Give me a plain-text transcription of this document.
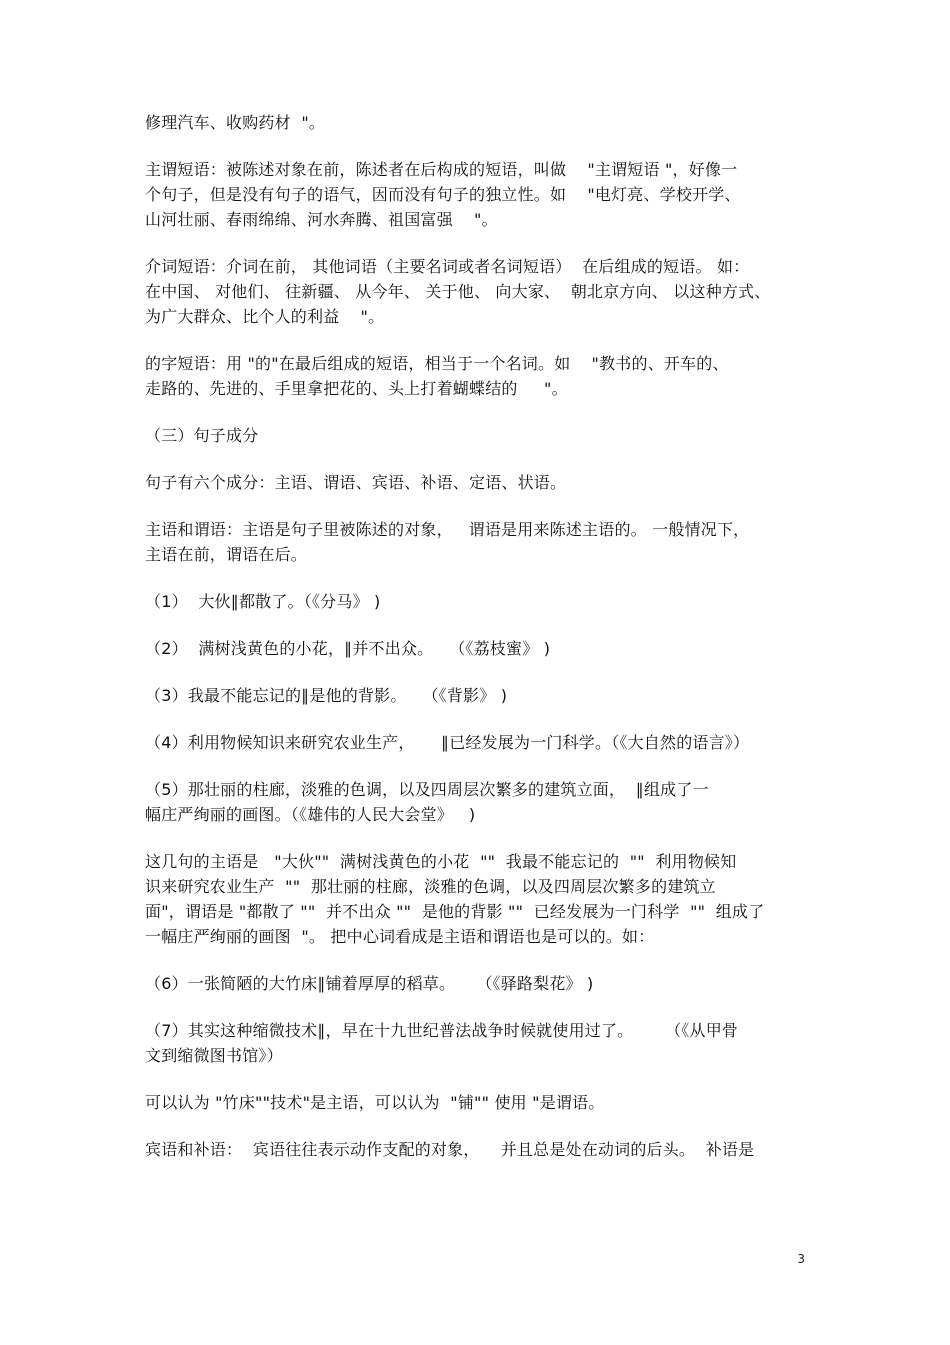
修理汽车、收购药材  "。
主谓短语：被陈述对象在前，陈述者在后构成的短语，叫做    "主谓短语 "，好像一
个句子，但是没有句子的语气，因而没有句子的独立性。如    "电灯亮、学校开学、
山河壮丽、春雨绵绵、河水奔腾、祖国富强    "。
介词短语：介词在前， 其他词语（主要名词或者名词短语）  在后组成的短语。 如：
在中国、 对他们、 往新疆、 从今年、 关于他、 向大家、  朝北京方向、 以这种方式、
为广大群众、比个人的利益    "。
的字短语：用 "的"在最后组成的短语，相当于一个名词。如    "教书的、开车的、
走路的、先进的、手里拿把花的、头上打着蝴蝶结的     "。
（三）句子成分
句子有六个成分：主语、谓语、宾语、补语、定语、状语。
主语和谓语：主语是句子里被陈述的对象，   谓语是用来陈述主语的。 一般情况下，
主语在前，谓语在后。
（1）  大伙∥都散了。（《分马》 )
（2）  满树浅黄色的小花，∥并不出众。   （《荔枝蜜》 )
（3）我最不能忘记的∥是他的背影。   （《背影》 )
（4）利用物候知识来研究农业生产，     ∥已经发展为一门科学。（《大自然的语言》）
（5）那壮丽的柱廊，淡雅的色调，以及四周层次繁多的建筑立面，  ∥组成了一
幅庄严绚丽的画图。（《雄伟的人民大会堂》   )
这几句的主语是   "大伙""  满树浅黄色的小花  ""  我最不能忘记的  ""  利用物候知
识来研究农业生产  ""  那壮丽的柱廊，淡雅的色调，以及四周层次繁多的建筑立
面"，谓语是 "都散了 ""  并不出众 ""  是他的背影 ""  已经发展为一门科学  ""  组成了
一幅庄严绚丽的画图  "。 把中心词看成是主语和谓语也是可以的。如：
（6）一张简陋的大竹床∥铺着厚厚的稻草。    （《驿路梨花》 )
（7）其实这种缩微技术∥，早在十九世纪普法战争时候就使用过了。      （《从甲骨
文到缩微图书馆》）
可以认为 "竹床""技术"是主语，可以认为  "铺"" 使用 "是谓语。
宾语和补语：  宾语往往表示动作支配的对象，    并且总是处在动词的后头。  补语是
3
